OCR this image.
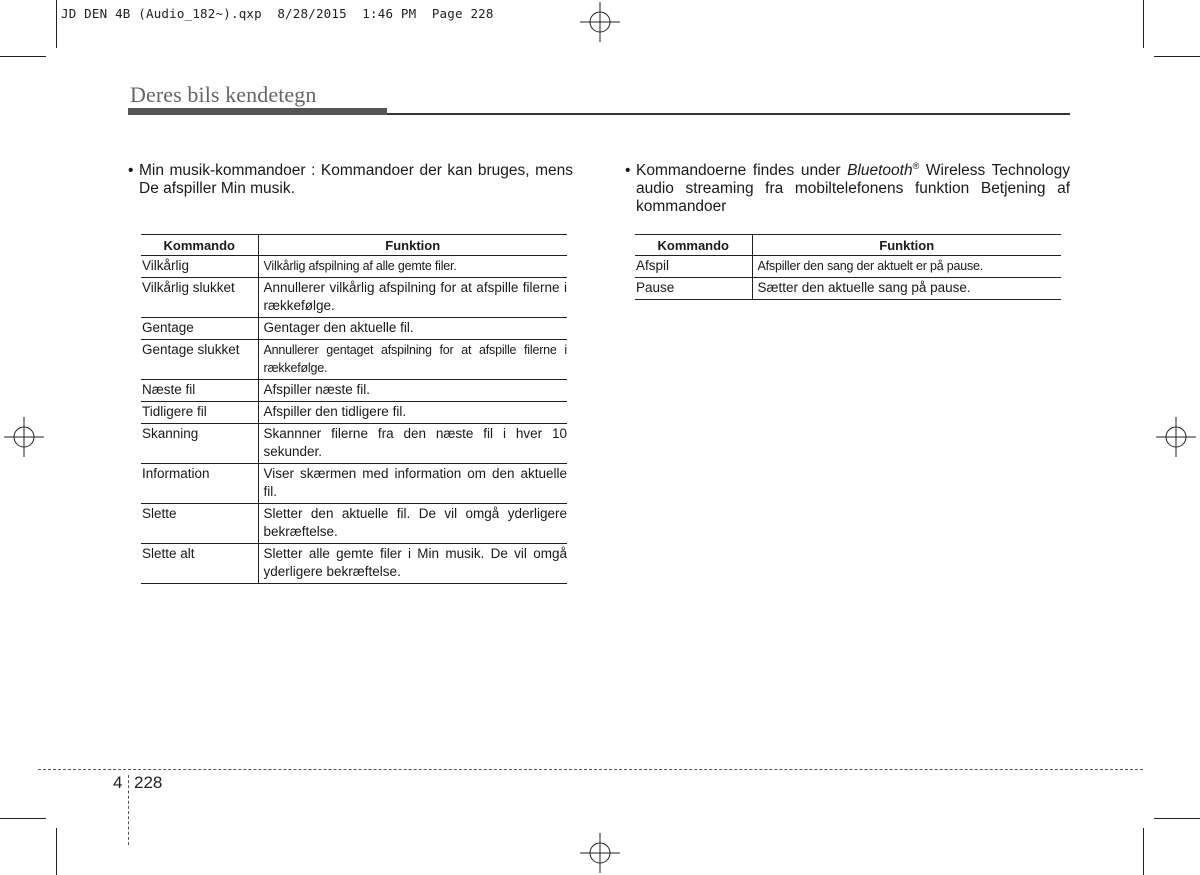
JD DEN 4B (Audio_182~).qxp  8/28/2015  1:46 PM  Page 228
Deres bils kendetegn
• Min musik-kommandoer : Kommandoer der kan bruges, mens De afspiller Min musik.
Kommando	Funktion
Vilkårlig	Vilkårlig afspilning af alle gemte filer.
Vilkårlig slukket	Annullerer vilkårlig afspilning for at afspille filerne i rækkefølge.
Gentage	Gentager den aktuelle fil.
Gentage slukket	Annullerer gentaget afspilning for at afspille filerne i rækkefølge.
Næste fil	Afspiller næste fil.
Tidligere fil	Afspiller den tidligere fil.
Skanning	Skannner filerne fra den næste fil i hver 10 sekunder.
Information	Viser skærmen med information om den aktuelle fil.
Slette	Sletter den aktuelle fil. De vil omgå yderligere bekræftelse.
Slette alt	Sletter alle gemte filer i Min musik. De vil omgå yderligere bekræftelse.
• Kommandoerne findes under Bluetooth® Wireless Technology audio streaming fra mobiltelefonens funktion Betjening af kommandoer
Kommando	Funktion
Afspil	Afspiller den sang der aktuelt er på pause.
Pause	Sætter den aktuelle sang på pause.
4 228
